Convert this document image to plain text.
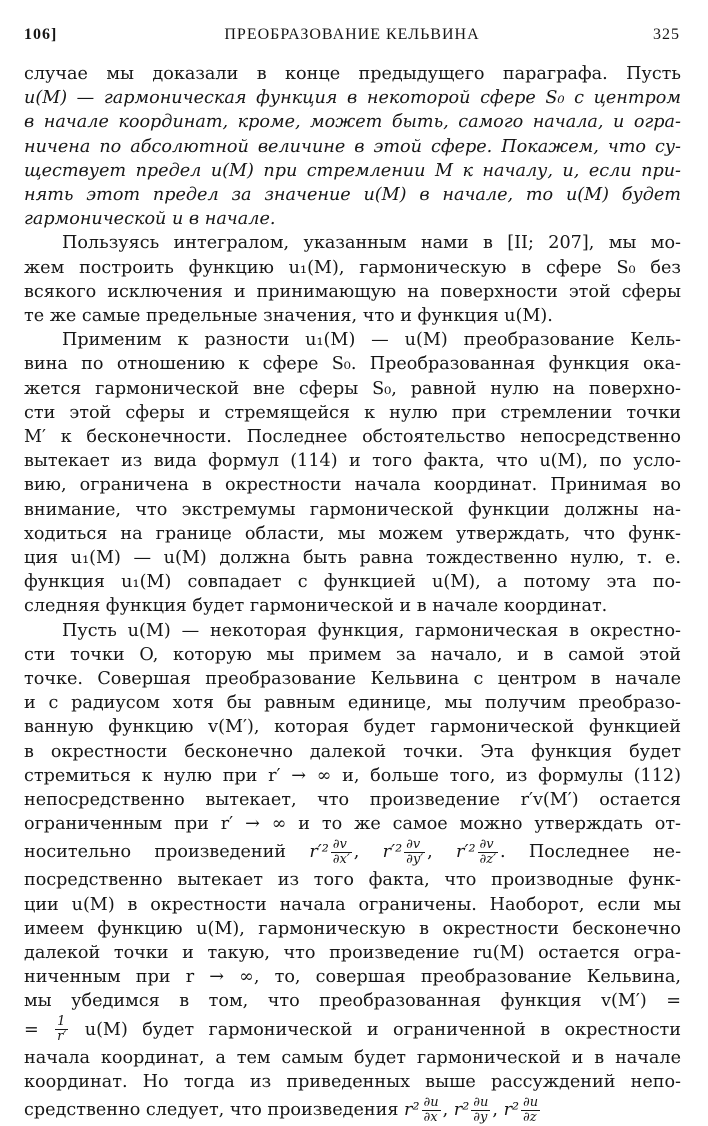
106]	ПРЕОБРАЗОВАНИЕ КЕЛЬВИНА	325
случае мы доказали в конце предыдущего параграфа. Пусть
u(M) — гармоническая функция в некоторой сфере S₀ с центром
в начале координат, кроме, может быть, самого начала, и огра-
ничена по абсолютной величине в этой сфере. Покажем, что су-
ществует предел u(M) при стремлении M к началу, и, если при-
нять этот предел за значение u(M) в начале, то u(M) будет
гармонической и в начале.
Пользуясь интегралом, указанным нами в [II; 207], мы мо-
жем построить функцию u₁(M), гармоническую в сфере S₀ без
всякого исключения и принимающую на поверхности этой сферы
те же самые предельные значения, что и функция u(M).
Применим к разности u₁(M) — u(M) преобразование Кель-
вина по отношению к сфере S₀. Преобразованная функция ока-
жется гармонической вне сферы S₀, равной нулю на поверхно-
сти этой сферы и стремящейся к нулю при стремлении точки
M′ к бесконечности. Последнее обстоятельство непосредственно
вытекает из вида формул (114) и того факта, что u(M), по усло-
вию, ограничена в окрестности начала координат. Принимая во
внимание, что экстремумы гармонической функции должны на-
ходиться на границе области, мы можем утверждать, что функ-
ция u₁(M) — u(M) должна быть равна тождественно нулю, т. е.
функция u₁(M) совпадает с функцией u(M), а потому эта по-
следняя функция будет гармонической и в начале координат.
Пусть u(M) — некоторая функция, гармоническая в окрестно-
сти точки O, которую мы примем за начало, и в самой этой
точке. Совершая преобразование Кельвина с центром в начале
и с радиусом хотя бы равным единице, мы получим преобразо-
ванную функцию v(M′), которая будет гармонической функцией
в окрестности бесконечно далекой точки. Эта функция будет
стремиться к нулю при r′ → ∞ и, больше того, из формулы (112)
непосредственно вытекает, что произведение r′v(M′) остается
ограниченным при r′ → ∞ и то же самое можно утверждать от-
носительно произведений $r'^2 \frac{\partial v}{\partial x'}$ , $r'^2 \frac{\partial v}{\partial y'}$ , $r'^2 \frac{\partial v}{\partial z'}$ . Последнее не-
посредственно вытекает из того факта, что производные функ-
ции u(M) в окрестности начала ограничены. Наоборот, если мы
имеем функцию u(M), гармоническую в окрестности бесконечно
далекой точки и такую, что произведение ru(M) остается огра-
ниченным при r → ∞, то, совершая преобразование Кельвина,
мы убедимся в том, что преобразованная функция v(M′) =
= $\frac{1}{r'} u(M)$ будет гармонической и ограниченной в окрестности
начала координат, а тем самым будет гармонической и в начале
координат. Но тогда из приведенных выше рассуждений непо-
средственно следует, что произведения $r^2 \frac{\partial u}{\partial x}$ , $r^2 \frac{\partial u}{\partial y}$ , $r^2 \frac{\partial u}{\partial z}$
